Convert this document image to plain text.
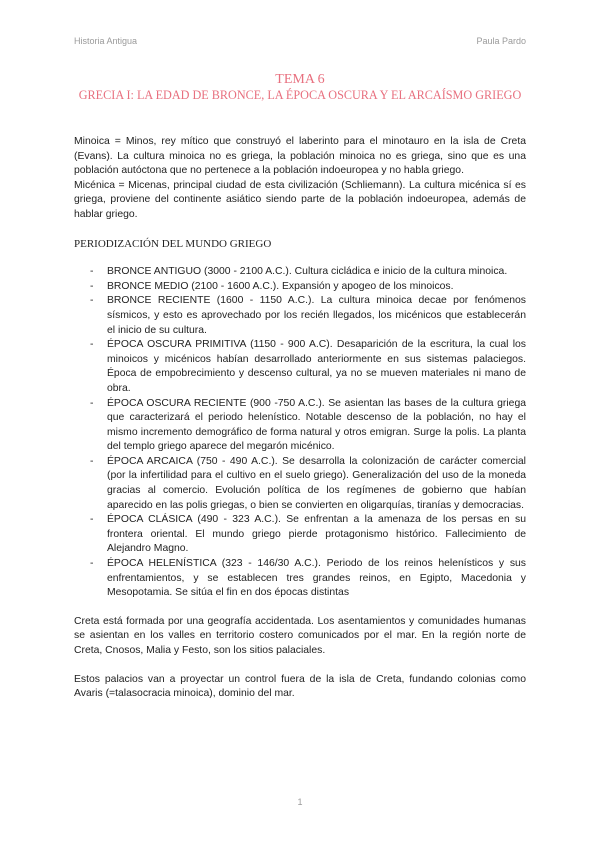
Historia Antigua	Paula Pardo
TEMA 6
GRECIA I: LA EDAD DE BRONCE, LA ÉPOCA OSCURA Y EL ARCAÍSMO GRIEGO

Minoica = Minos, rey mítico que construyó el laberinto para el minotauro en la isla de Creta (Evans). La cultura minoica no es griega, la población minoica no es griega, sino que es una población autóctona que no pertenece a la población indoeuropea y no habla griego.

Micénica = Micenas, principal ciudad de esta civilización (Schliemann). La cultura micénica sí es griega, proviene del continente asiático siendo parte de la población indoeuropea, además de hablar griego.

PERIODIZACIÓN DEL MUNDO GRIEGO

- BRONCE ANTIGUO (3000 - 2100 A.C.). Cultura cicládica e inicio de la cultura minoica.
- BRONCE MEDIO (2100 - 1600 A.C.). Expansión y apogeo de los minoicos.
- BRONCE RECIENTE (1600 - 1150 A.C.). La cultura minoica decae por fenómenos sísmicos, y esto es aprovechado por los recién llegados, los micénicos que establecerán el inicio de su cultura.
- ÉPOCA OSCURA PRIMITIVA (1150 - 900 A.C). Desaparición de la escritura, la cual los minoicos y micénicos habían desarrollado anteriormente en sus sistemas palaciegos. Época de empobrecimiento y descenso cultural, ya no se mueven materiales ni mano de obra.
- ÉPOCA OSCURA RECIENTE (900 -750 A.C.). Se asientan las bases de la cultura griega que caracterizará el periodo helenístico. Notable descenso de la población, no hay el mismo incremento demográfico de forma natural y otros emigran. Surge la polis. La planta del templo griego aparece del megarón micénico.
- ÉPOCA ARCAICA (750 - 490 A.C.). Se desarrolla la colonización de carácter comercial (por la infertilidad para el cultivo en el suelo griego). Generalización del uso de la moneda gracias al comercio. Evolución política de los regímenes de gobierno que habían aparecido en las polis griegas, o bien se convierten en oligarquías, tiranías y democracias.
- ÉPOCA CLÁSICA (490 - 323 A.C.). Se enfrentan a la amenaza de los persas en su frontera oriental. El mundo griego pierde protagonismo histórico. Fallecimiento de Alejandro Magno.
- ÉPOCA HELENÍSTICA (323 - 146/30 A.C.). Periodo de los reinos helenísticos y sus enfrentamientos, y se establecen tres grandes reinos, en Egipto, Macedonia y Mesopotamia. Se sitúa el fin en dos épocas distintas

Creta está formada por una geografía accidentada. Los asentamientos y comunidades humanas se asientan en los valles en territorio costero comunicados por el mar. En la región norte de Creta, Cnosos, Malia y Festo, son los sitios palaciales.

Estos palacios van a proyectar un control fuera de la isla de Creta, fundando colonias como Avaris (=talasocracia minoica), dominio del mar.

1
